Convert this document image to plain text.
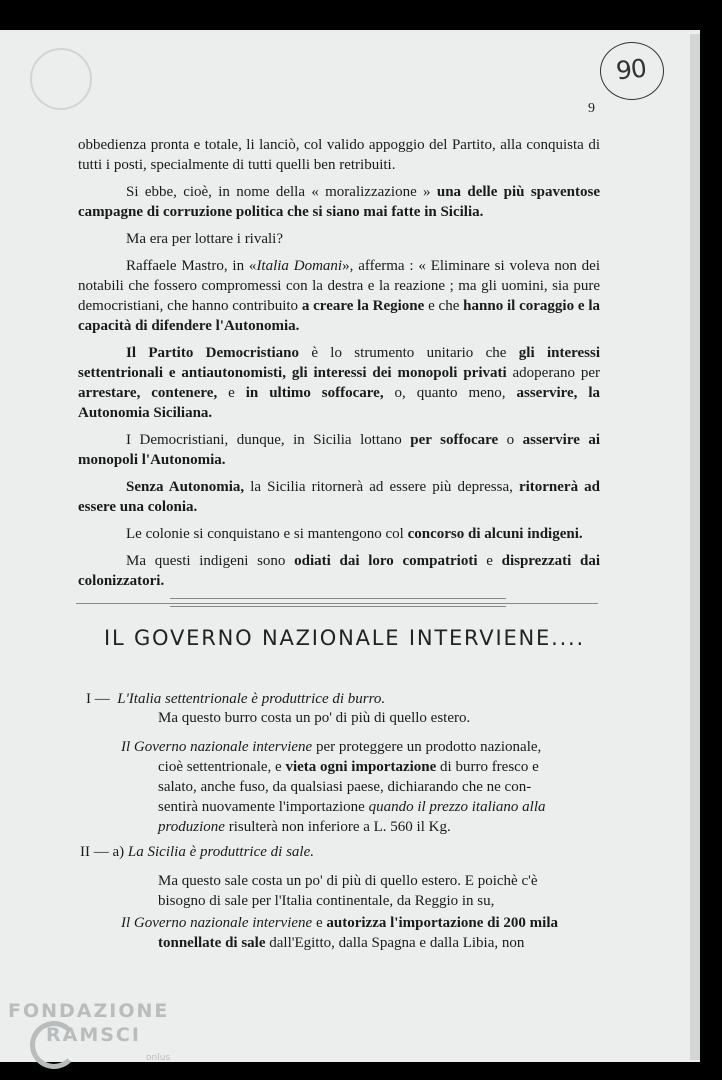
90
9

obbedienza pronta e totale, li lanciò, col valido appoggio del Partito, alla conquista di tutti i posti, specialmente di tutti quelli ben retribuiti.

Si ebbe, cioè, in nome della « moralizzazione » una delle più spaventose campagne di corruzione politica che si siano mai fatte in Sicilia.

Ma era per lottare i rivali?

Raffaele Mastro, in «Italia Domani», afferma : « Eliminare si voleva non dei notabili che fossero compromessi con la destra e la reazione ; ma gli uomini, sia pure democristiani, che hanno contribuito a creare la Regione e che hanno il coraggio e la capacità di difendere l'Autonomia.

Il Partito Democristiano è lo strumento unitario che gli interessi settentrionali e antiautonomisti, gli interessi dei monopoli privati adoperano per arrestare, contenere, e in ultimo soffocare, o, quanto meno, asservire, la Autonomia Siciliana.

I Democristiani, dunque, in Sicilia lottano per soffocare o asservire ai monopoli l'Autonomia.

Senza Autonomia, la Sicilia ritornerà ad essere più depressa, ritornerà ad essere una colonia.

Le colonie si conquistano e si mantengono col concorso di alcuni indigeni.

Ma questi indigeni sono odiati dai loro compatrioti e disprezzati dai colonizzatori.

IL GOVERNO NAZIONALE INTERVIENE....
I — L'Italia settentrionale è produttrice di burro.
Ma questo burro costa un po' di più di quello estero.
Il Governo nazionale interviene per proteggere un prodotto nazionale,
cioè settentrionale, e vieta ogni importazione di burro fresco e
salato, anche fuso, da qualsiasi paese, dichiarando che ne con-
sentirà nuovamente l'importazione quando il prezzo italiano alla
produzione risulterà non inferiore a L. 560 il Kg.
II — a) La Sicilia è produttrice di sale.
Ma questo sale costa un po' di più di quello estero. E poichè c'è
bisogno di sale per l'Italia continentale, da Reggio in su,
Il Governo nazionale interviene e autorizza l'importazione di 200 mila
tonnellate di sale dall'Egitto, dalla Spagna e dalla Libia, non
FONDAZIONE
RAMSCI
onlus
